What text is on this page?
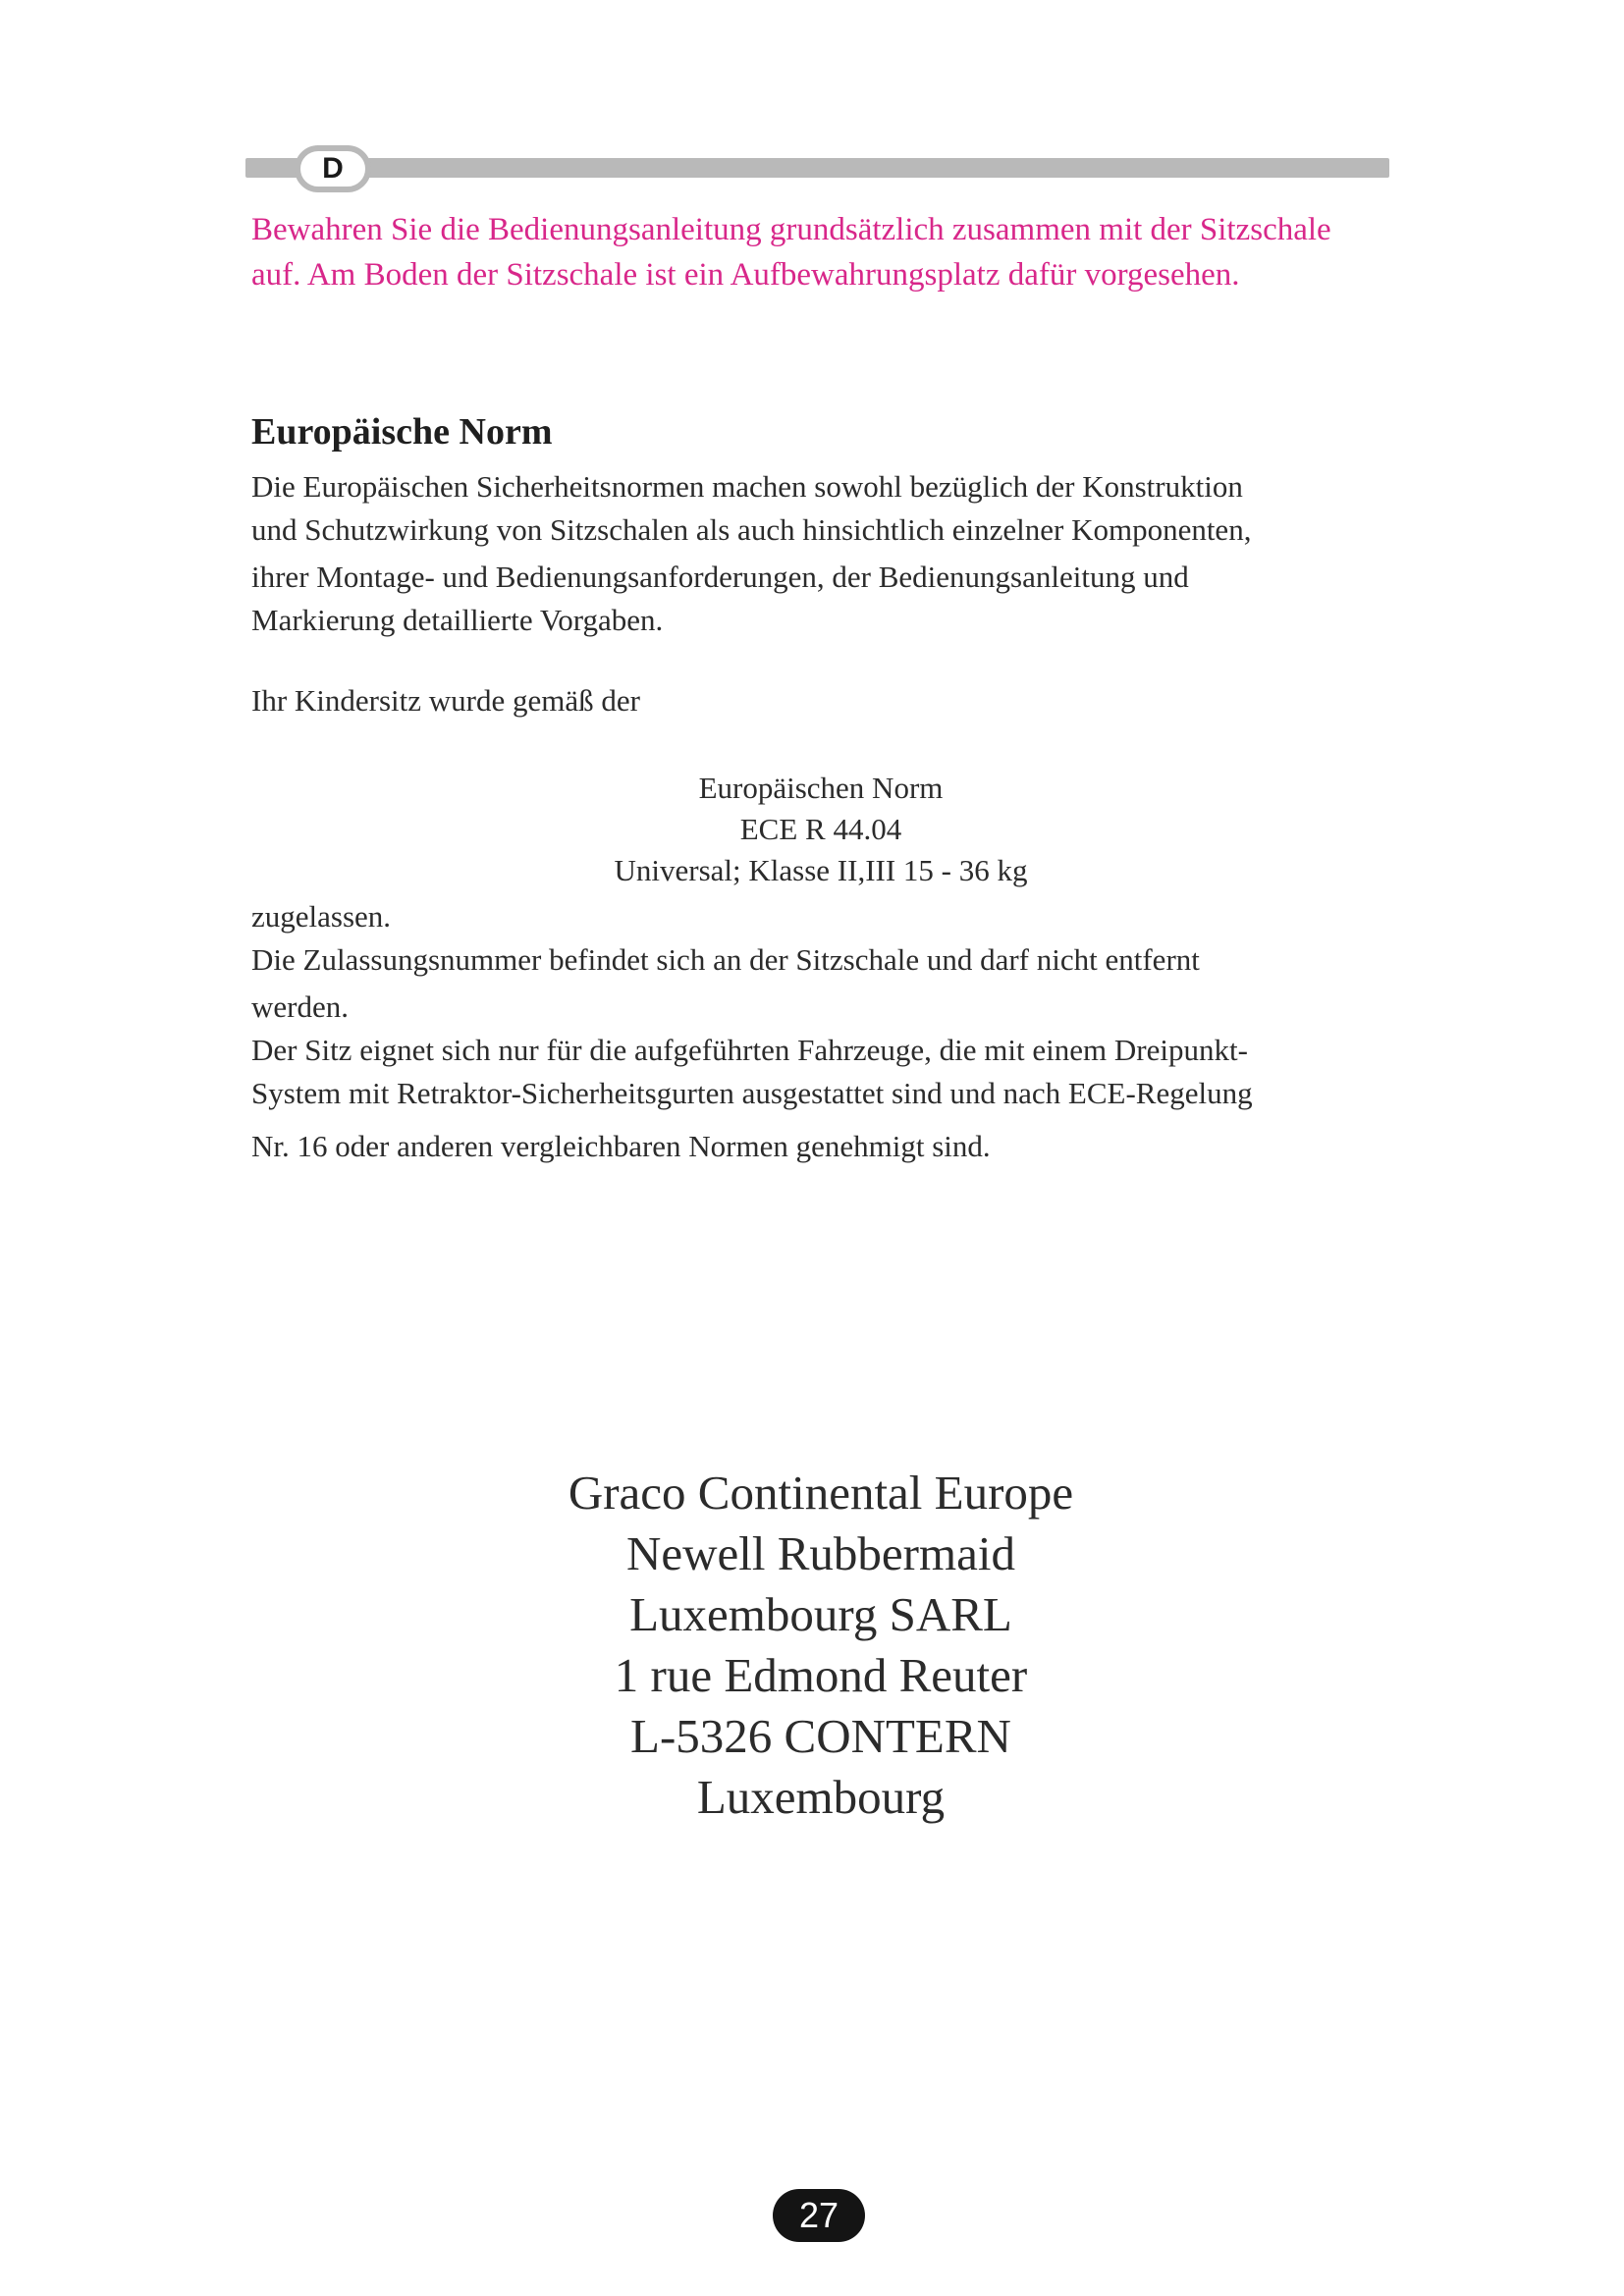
D
Bewahren Sie die Bedienungsanleitung grundsätzlich zusammen mit der Sitzschale
auf. Am Boden der Sitzschale ist ein Aufbewahrungsplatz dafür vorgesehen.
Europäische Norm
Die Europäischen Sicherheitsnormen machen sowohl bezüglich der Konstruktion
und Schutzwirkung von Sitzschalen als auch hinsichtlich einzelner Komponenten,
ihrer Montage- und Bedienungsanforderungen, der Bedienungsanleitung und
Markierung detaillierte Vorgaben.
Ihr Kindersitz wurde gemäß der
Europäischen Norm
ECE R 44.04
Universal; Klasse II,III 15 - 36 kg
zugelassen.
Die Zulassungsnummer befindet sich an der Sitzschale und darf nicht entfernt
werden.
Der Sitz eignet sich nur für die aufgeführten Fahrzeuge, die mit einem Dreipunkt-
System mit Retraktor-Sicherheitsgurten ausgestattet sind und nach ECE-Regelung
Nr. 16 oder anderen vergleichbaren Normen genehmigt sind.
Graco Continental Europe
Newell Rubbermaid
Luxembourg SARL
1 rue Edmond Reuter
L-5326 CONTERN
Luxembourg
27
